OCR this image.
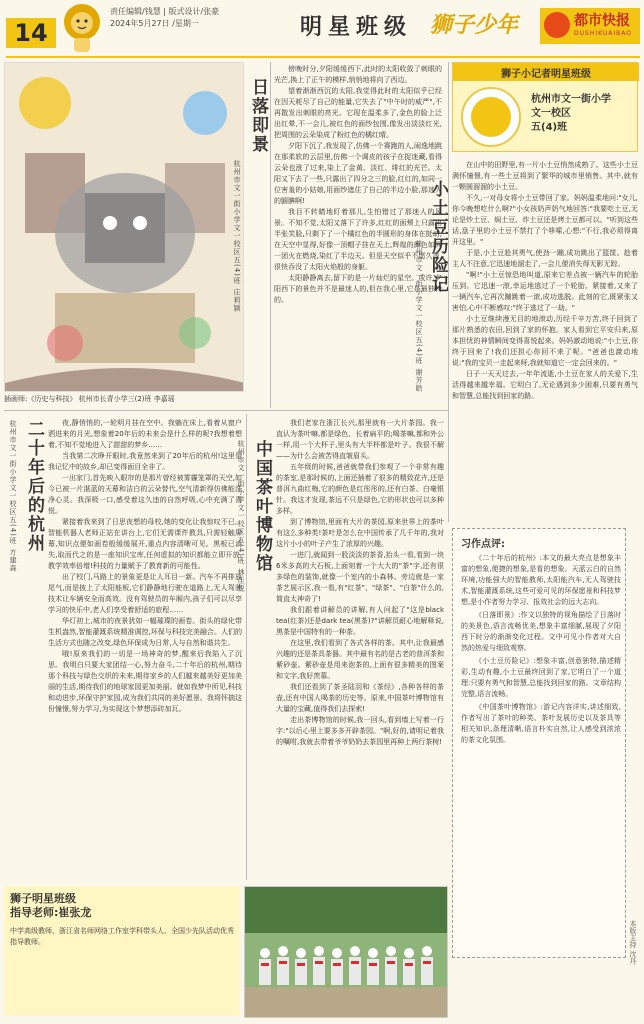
14
责任编辑/钱慧 | 版式设计/张豪
2024年5月27日 /星期一	明星班级 狮子少年	都市快报
DUSHIKUAIBAO
插画师:《历史与科技》 杭州市长青小学三(2)班 李嘉瑶
日落即景
杭州市文一街小学文一校区五(4)班 庄莉颖

傍晚时分,夕阳缓缓西下,此时的太阳收敛了刺眼的光芒,换上了正午的模样,悄悄地将向了西边。

望着渐渐西沉的太阳,我觉得此时的太阳似乎已经在因天耗尽了自己的能量,它失去了"中午时的威严",不再散发出刺眼的亮光。它现在温柔多了,金色的脸上泛出红晕,不一会儿,被红色的面纱包围,像发出淡淡红光,把周围的云朵染成了粉红色的橘红晴。

夕阳下沉了,我发现了,仿佛一个赛跑的人,闹逸地跳在那柔软的云层里,仿佛一个调皮的孩子在捉迷藏,看得云朵也涨了过来,染上了金黄、淡红、绯红的光芒。太阳又下去了一些,只露出了四分之三的脸,红红的,如同一位害羞的小姑娘,用面纱遮住了自己的半边小脸,那迷人的腼腆啊!

我目不转睛地盯着那儿,生怕错过了那迷人的风景。不知不觉,太阳又落下了许多,红红的面颊上只露出半张笑脸,只剩下了一个橘红色的半圆形的身体在挺动,在天空中显得,好像一顶帽子挂在天上,辉煌的颜色如同一团火在燃烧,染红了半边天。但是天空似乎不愿久等,很快吞没了太阳火焰般的身躯。

太阳静静离去,留下的是一片灿烂的星空。或许,夕阳西下的景色并不是最迷人的,但在我心里,它是最独特的。

狮子小记者明星班级
杭州市文一街小学
文一校区
五(4)班
小土豆历险记
杭州市文一街小学文一校区五(4)班 谢芳皓

在山中的田野里,有一片小土豆悄然成熟了。这些小土豆满怀憧憬,有一些土豆将到了繁华的城市里销售。其中,就有一颗圆溜溜的小土豆。

不久,一对母女将小土豆带回了家。妈妈温柔地问:"女儿,你今晚想吃什么啊?"小女孩奶声奶气地回答:"我要吃土豆,无论是炒土豆、焖土豆、炸土豆还是烤土豆都可以。"听到这些话,盘子里的小土豆不禁打了个哆嗦,心想:"不行,我必须得离开这里。"

于是,小土豆趁其勇气,使劲一蹦,成功跳出了篮筐。趁着主人不注意,它迅速地溜走了,一会儿便消失得无影无踪。

"啊!"小土豆惊恐地叫道,原来它差点被一辆汽车的轮胎压到。它迅速一滚,幸运地逃过了一个轮胎。紧接着,又来了一辆汽车,它再次蹦跳着一滚,成功逃脱。此刻的它,既紧张又害怕,心中不断感叹:"终于逃过了一劫。"

小土豆继续漫无目的地滚动,历经千辛万苦,终于回到了那片熟悉的农田,回到了家的怀抱。家人看到它平安归来,原本担忧的神情瞬间变得喜悦起来。妈妈激动地说:"小土豆,你终于回来了!我们还担心你回不来了呢。"爸爸也激动地说:"我的宝贝一走起来呀,我就知道它一定会回来的。"

日子一天天过去,一年年流逝,小土豆在家人的关爱下,生活得越来越幸福。它明白了,无论遇到多少困难,只要有勇气和智慧,总能找到回家的路。

二十年后的杭州
杭州市文一街小学文一校区五(4)班 方建森	夜,静悄悄的,一轮明月挂在空中。我躺在床上,看着从窗户洒进来的月光,想象着20年后的未来会是什么样的呢?我想着想着,不知不觉地进入了甜甜的梦乡……

当我第二次睁开眼时,我竟然来到了20年后的杭州!这里是我记忆中的故乡,却已变得面目全非了。

一出家门,首先映入眼帘的是那片曾经被雾霾笼罩的天空,如今已被一片湛蓝的天幕和洁白的云朵替代,空气清新得仿佛能洗净心灵。我深吸一口,感受着这久违的自然呼吸,心中充满了喜悦。

紧接着我来到了日思夜想的母校,她的变化让我惊叹不已。智能机器人老师正站在讲台上,它们无需课件教具,只需轻触屏幕,知识点便如画卷般缓缓展开,重点内容清晰可见。黑板已消失,取而代之的是一座知识宝库,任何虚拟的知识都能立即开放,教学效率倍增!科技的力量赋予了教育新的可能性。

出了校门,马路上的景象更是让人耳目一新。汽车不再排放尾气,而是披上了太阳能板,它们静静地行驶在道路上,无人驾驶技术让车辆安全而高效。没有驾驶员的车厢内,孩子们可以尽享学习的快乐中,老人们享受着舒适的旅程……

华灯初上,城市的夜景犹如一幅璀璨的画卷。街头的绿化带生机盎然,智能灌溉系统精准调控,环保与科技完美融合。人们的生活方式也随之改变,绿色环保成为日常,人与自然和谐共生。

哦!原来我们的一切是一场神奇的梦,醒来后我陷入了沉思。我明白只要大家团结一心,努力奋斗,二十年后的杭州,期待那个科技与绿色交织的未来,期待家乡的人们越来越美好更加美丽的生活,期待我们的地球家园更加美丽。就如我梦中所见,科技和动进步,环保守护家园,成为我们共同的美好愿景。我将怀揣这份憧憬,努力学习,为实现这个梦想添砖加瓦。

中国茶叶博物馆
杭州市文一街小学文一校区五(4)班 林佳悦

我们老家在浙江长兴,那里就有一大片茶园。我一直认为茶叶嘛,都是绿色、长着扁平的;喝茶嘛,都和外公一样,用一个大杯子,里头有大半杯都是叶子。我很不解——为什么会被苦得直皱眉头。

五年级的时候,爸爸就带我们参观了一个非常有趣的茶室,是那时候的,上面还插着了很多的精致花卉,还是普洱九曲红梅,它的颜色是红彤彤的,还有白茶、白毫银针。我这才发现,茶远不只是绿色,它的形状也可以多种多样。

到了博物馆,里面有大片的茶园,原来世界上的茶叶有这么多种类!茶叶是怎么在中国传承了几千年的,我对这片小小的叶子产生了浓厚的兴趣。

一进门,就闻到一股淡淡的茶香,抬头一看,看到一块6米多高的大石板,上面刻着一个大大的"茶"字,还有很多绿色的装饰,就像一个室内的小森林。旁边就是一家茶艺展示区,我一看,有"红茶"、"绿茶"、"白茶"什么的,简直太神奇了!

我们跟着讲解员的讲解,有人问起了"这是black tea(红茶)还是dark tea(黑茶)?"讲解员耐心地解释说,黑茶是中国特有的一种茶。

在这里,我们看到了各式各样的茶。其中,让我最感兴趣的还是茶具茶器。其中最有名的是古老的普洱茶和紫砂壶。紫砂壶是用来泡茶的,上面有很多精美的图案和文字,我好羡慕。

我们还看到了茶圣陆羽和《茶经》,各种各样的茶壶,还有中国人喝茶的历史等。原来,中国茶叶博物馆有大量的宝藏,值得我们去探索!

走出茶博物馆的时候,我一回头,看到墙上写着一行字:"以后心里上要多多开辟茶园。"啊,好的,请明记着我的嘱咐,我就去带着爷爷奶奶去茶园里再种上两行茶树!

习作点评:

《二十年后的杭州》:本文的最大亮点是想象丰富的想象,便捷的想象,是看的想象。天蓝云白的自然环境,功能强大的智能教师,太阳能汽车,无人驾驶技术,智能灌溉系统,这些可爱可见的环保愿景和科技梦想,是小作者努力学习、报效社会的远大志向。

《日落即景》:作文以独特的视角描绘了日落时的美景色,语言流畅优美,想象丰富细腻,展现了夕阳西下时分的渐渐变化过程。文中可见小作者对大自然的热爱与细致观察。

《小土豆历险记》:想象丰富,创意独特,描述精彩,生动有趣,小土豆最终回到了家,它明白了一个道理:只要有勇气和智慧,总能找到回家的路。文章结构完整,语言流畅。

《中国茶叶博物馆》:游记内容详实,讲述细致,作者写出了茶叶的种类、茶叶发展历史以及茶具等相关知识,条理清晰,语言朴实自然,让人感受到浓浓的茶文化氛围。

本版主持 沈丹
狮子明星班级
指导老师:崔张龙
中学高级教师、浙江省名师网络工作室学科带头人、全国少先队活动优秀指导教师。
